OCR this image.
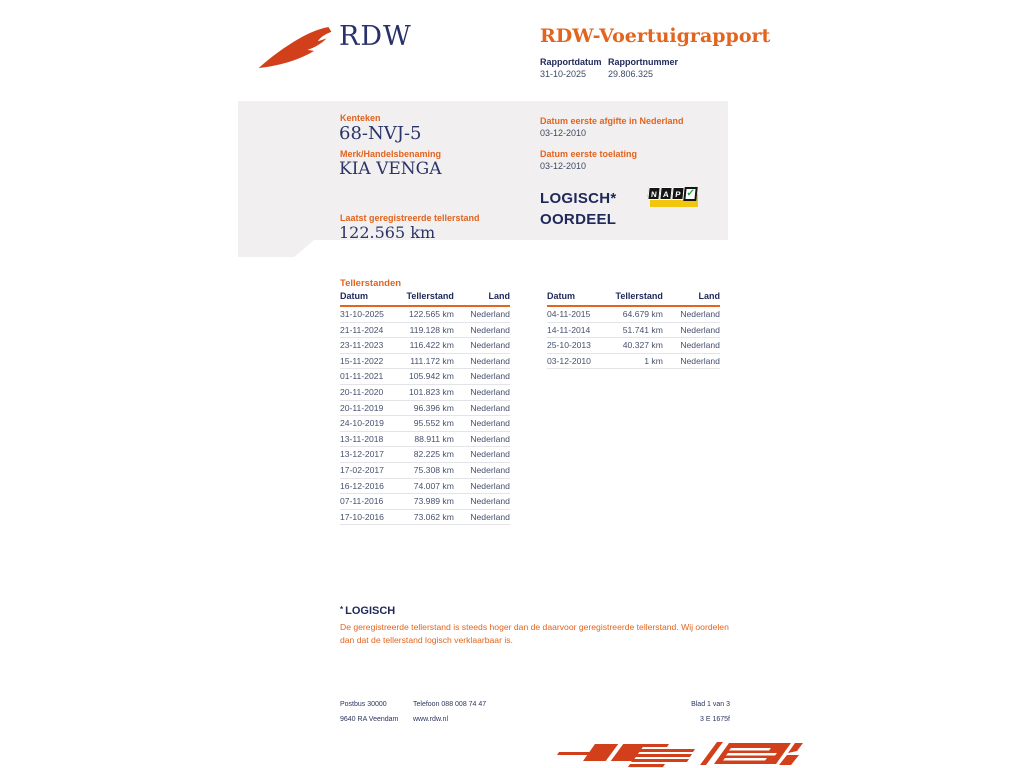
RDW	RDW-Voertuigrapport
Rapportdatum Rapportnummer
31-10-2025 29.806.325
Kenteken
68-NVJ-5
Merk/Handelsbenaming
KIA VENGA
Laatst geregistreerde tellerstand
122.565 km
Datum eerste afgifte in Nederland
03-12-2010
Datum eerste toelating
03-12-2010
LOGISCH*
OORDEEL
N A P ✓
Tellerstanden
Datum	Tellerstand	Land
31-10-2025	122.565 km	Nederland
21-11-2024	119.128 km	Nederland
23-11-2023	116.422 km	Nederland
15-11-2022	111.172 km	Nederland
01-11-2021	105.942 km	Nederland
20-11-2020	101.823 km	Nederland
20-11-2019	96.396 km	Nederland
24-10-2019	95.552 km	Nederland
13-11-2018	88.911 km	Nederland
13-12-2017	82.225 km	Nederland
17-02-2017	75.308 km	Nederland
16-12-2016	74.007 km	Nederland
07-11-2016	73.989 km	Nederland
17-10-2016	73.062 km	Nederland
Datum	Tellerstand	Land
04-11-2015	64.679 km	Nederland
14-11-2014	51.741 km	Nederland
25-10-2013	40.327 km	Nederland
03-12-2010	1 km	Nederland
* LOGISCH
De geregistreerde tellerstand is steeds hoger dan de daarvoor geregistreerde tellerstand. Wij oordelen dan dat de tellerstand logisch verklaarbaar is.
Postbus 30000
9640 RA Veendam
Telefoon 088 008 74 47
www.rdw.nl
Blad 1 van 3
3 E 1675f
